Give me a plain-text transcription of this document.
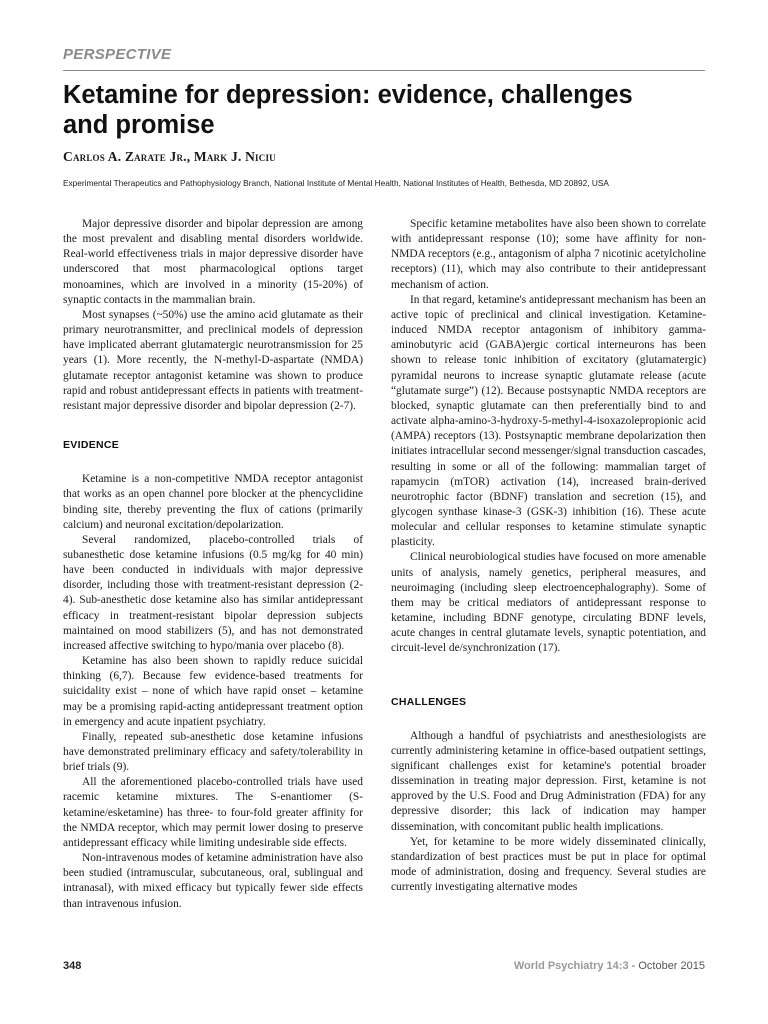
PERSPECTIVE
Ketamine for depression: evidence, challenges and promise
Carlos A. Zarate Jr., Mark J. Niciu
Experimental Therapeutics and Pathophysiology Branch, National Institute of Mental Health, National Institutes of Health, Bethesda, MD 20892, USA

Major depressive disorder and bipolar depression are among the most prevalent and disabling mental disorders worldwide. Real-world effectiveness trials in major depressive disorder have underscored that most pharmacological options target monoamines, which are involved in a minority (15-20%) of synaptic contacts in the mammalian brain.

Most synapses (~50%) use the amino acid glutamate as their primary neurotransmitter, and preclinical models of depression have implicated aberrant glutamatergic neurotransmission for 25 years (1). More recently, the N-methyl-D-aspartate (NMDA) glutamate receptor antagonist ketamine was shown to produce rapid and robust antidepressant effects in patients with treatment-resistant major depressive disorder and bipolar depression (2-7).

EVIDENCE

Ketamine is a non-competitive NMDA receptor antagonist that works as an open channel pore blocker at the phencyclidine binding site, thereby preventing the flux of cations (primarily calcium) and neuronal excitation/depolarization.

Several randomized, placebo-controlled trials of subanesthetic dose ketamine infusions (0.5 mg/kg for 40 min) have been conducted in individuals with major depressive disorder, including those with treatment-resistant depression (2-4). Sub-anesthetic dose ketamine also has similar antidepressant efficacy in treatment-resistant bipolar depression subjects maintained on mood stabilizers (5), and has not demonstrated increased affective switching to hypo/mania over placebo (8).

Ketamine has also been shown to rapidly reduce suicidal thinking (6,7). Because few evidence-based treatments for suicidality exist – none of which have rapid onset – ketamine may be a promising rapid-acting antidepressant treatment option in emergency and acute inpatient psychiatry.

Finally, repeated sub-anesthetic dose ketamine infusions have demonstrated preliminary efficacy and safety/tolerability in brief trials (9).

All the aforementioned placebo-controlled trials have used racemic ketamine mixtures. The S-enantiomer (S-ketamine/esketamine) has three- to four-fold greater affinity for the NMDA receptor, which may permit lower dosing to preserve antidepressant efficacy while limiting undesirable side effects.

Non-intravenous modes of ketamine administration have also been studied (intramuscular, subcutaneous, oral, sublingual and intranasal), with mixed efficacy but typically fewer side effects than intravenous infusion.

Specific ketamine metabolites have also been shown to correlate with antidepressant response (10); some have affinity for non-NMDA receptors (e.g., antagonism of alpha 7 nicotinic acetylcholine receptors) (11), which may also contribute to their antidepressant mechanism of action.

In that regard, ketamine's antidepressant mechanism has been an active topic of preclinical and clinical investigation. Ketamine-induced NMDA receptor antagonism of inhibitory gamma-aminobutyric acid (GABA)ergic cortical interneurons has been shown to release tonic inhibition of excitatory (glutamatergic) pyramidal neurons to increase synaptic glutamate release (acute “glutamate surge”) (12). Because postsynaptic NMDA receptors are blocked, synaptic glutamate can then preferentially bind to and activate alpha-amino-3-hydroxy-5-methyl-4-isoxazolepropionic acid (AMPA) receptors (13). Postsynaptic membrane depolarization then initiates intracellular second messenger/signal transduction cascades, resulting in some or all of the following: mammalian target of rapamycin (mTOR) activation (14), increased brain-derived neurotrophic factor (BDNF) translation and secretion (15), and glycogen synthase kinase-3 (GSK-3) inhibition (16). These acute molecular and cellular responses to ketamine stimulate synaptic plasticity.

Clinical neurobiological studies have focused on more amenable units of analysis, namely genetics, peripheral measures, and neuroimaging (including sleep electroencephalography). Some of them may be critical mediators of antidepressant response to ketamine, including BDNF genotype, circulating BDNF levels, acute changes in central glutamate levels, synaptic potentiation, and circuit-level de/synchronization (17).

CHALLENGES

Although a handful of psychiatrists and anesthesiologists are currently administering ketamine in office-based outpatient settings, significant challenges exist for ketamine's potential broader dissemination in treating major depression. First, ketamine is not approved by the U.S. Food and Drug Administration (FDA) for any depressive disorder; this lack of indication may hamper dissemination, with concomitant public health implications.

Yet, for ketamine to be more widely disseminated clinically, standardization of best practices must be put in place for optimal mode of administration, dosing and frequency. Several studies are currently investigating alternative modes

348	World Psychiatry 14:3 - October 2015
